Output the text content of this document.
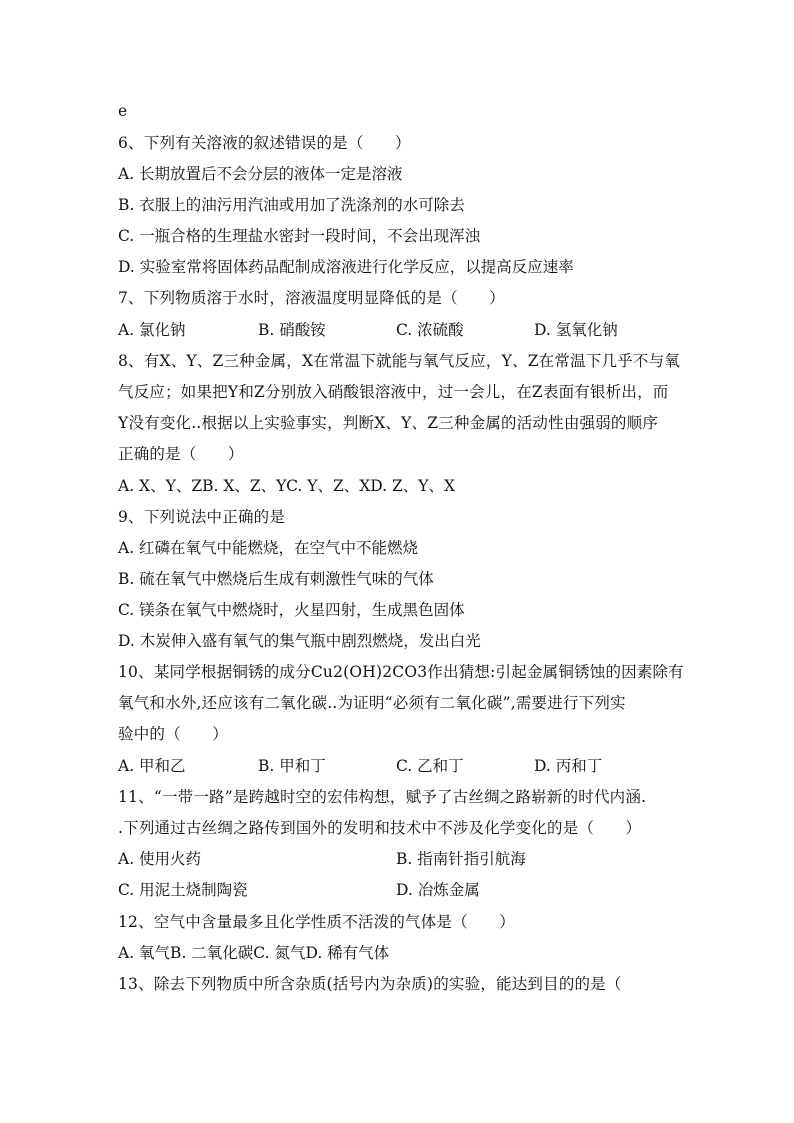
e
6、下列有关溶液的叙述错误的是（　　）
A. 长期放置后不会分层的液体一定是溶液
B. 衣服上的油污用汽油或用加了洗涤剂的水可除去
C. 一瓶合格的生理盐水密封一段时间，不会出现浑浊
D. 实验室常将固体药品配制成溶液进行化学反应，以提高反应速率
7、下列物质溶于水时，溶液温度明显降低的是（　　）
A. 氯化钠	B. 硝酸铵	C. 浓硫酸	D. 氢氧化钠
8、有X、Y、Z三种金属，X在常温下就能与氧气反应，Y、Z在常温下几乎不与氧
气反应；如果把Y和Z分别放入硝酸银溶液中，过一会儿，在Z表面有银析出，而
Y没有变化..根据以上实验事实，判断X、Y、Z三种金属的活动性由强弱的顺序
正确的是（　　）
A. X、Y、ZB. X、Z、YC. Y、Z、XD. Z、Y、X
9、下列说法中正确的是
A. 红磷在氧气中能燃烧，在空气中不能燃烧
B. 硫在氧气中燃烧后生成有刺激性气味的气体
C. 镁条在氧气中燃烧时，火星四射，生成黑色固体
D. 木炭伸入盛有氧气的集气瓶中剧烈燃烧，发出白光
10、某同学根据铜锈的成分Cu2(OH)2CO3作出猜想:引起金属铜锈蚀的因素除有
氧气和水外,还应该有二氧化碳..为证明“必须有二氧化碳”,需要进行下列实
验中的（　　）
A. 甲和乙	B. 甲和丁	C. 乙和丁	D. 丙和丁
11、“一带一路”是跨越时空的宏伟构想，赋予了古丝绸之路崭新的时代内涵.
.下列通过古丝绸之路传到国外的发明和技术中不涉及化学变化的是（　　）
A. 使用火药	B. 指南针指引航海
C. 用泥土烧制陶瓷	D. 冶炼金属
12、空气中含量最多且化学性质不活泼的气体是（　　）
A. 氧气B. 二氧化碳C. 氮气D. 稀有气体
13、除去下列物质中所含杂质(括号内为杂质)的实验，能达到目的的是（
